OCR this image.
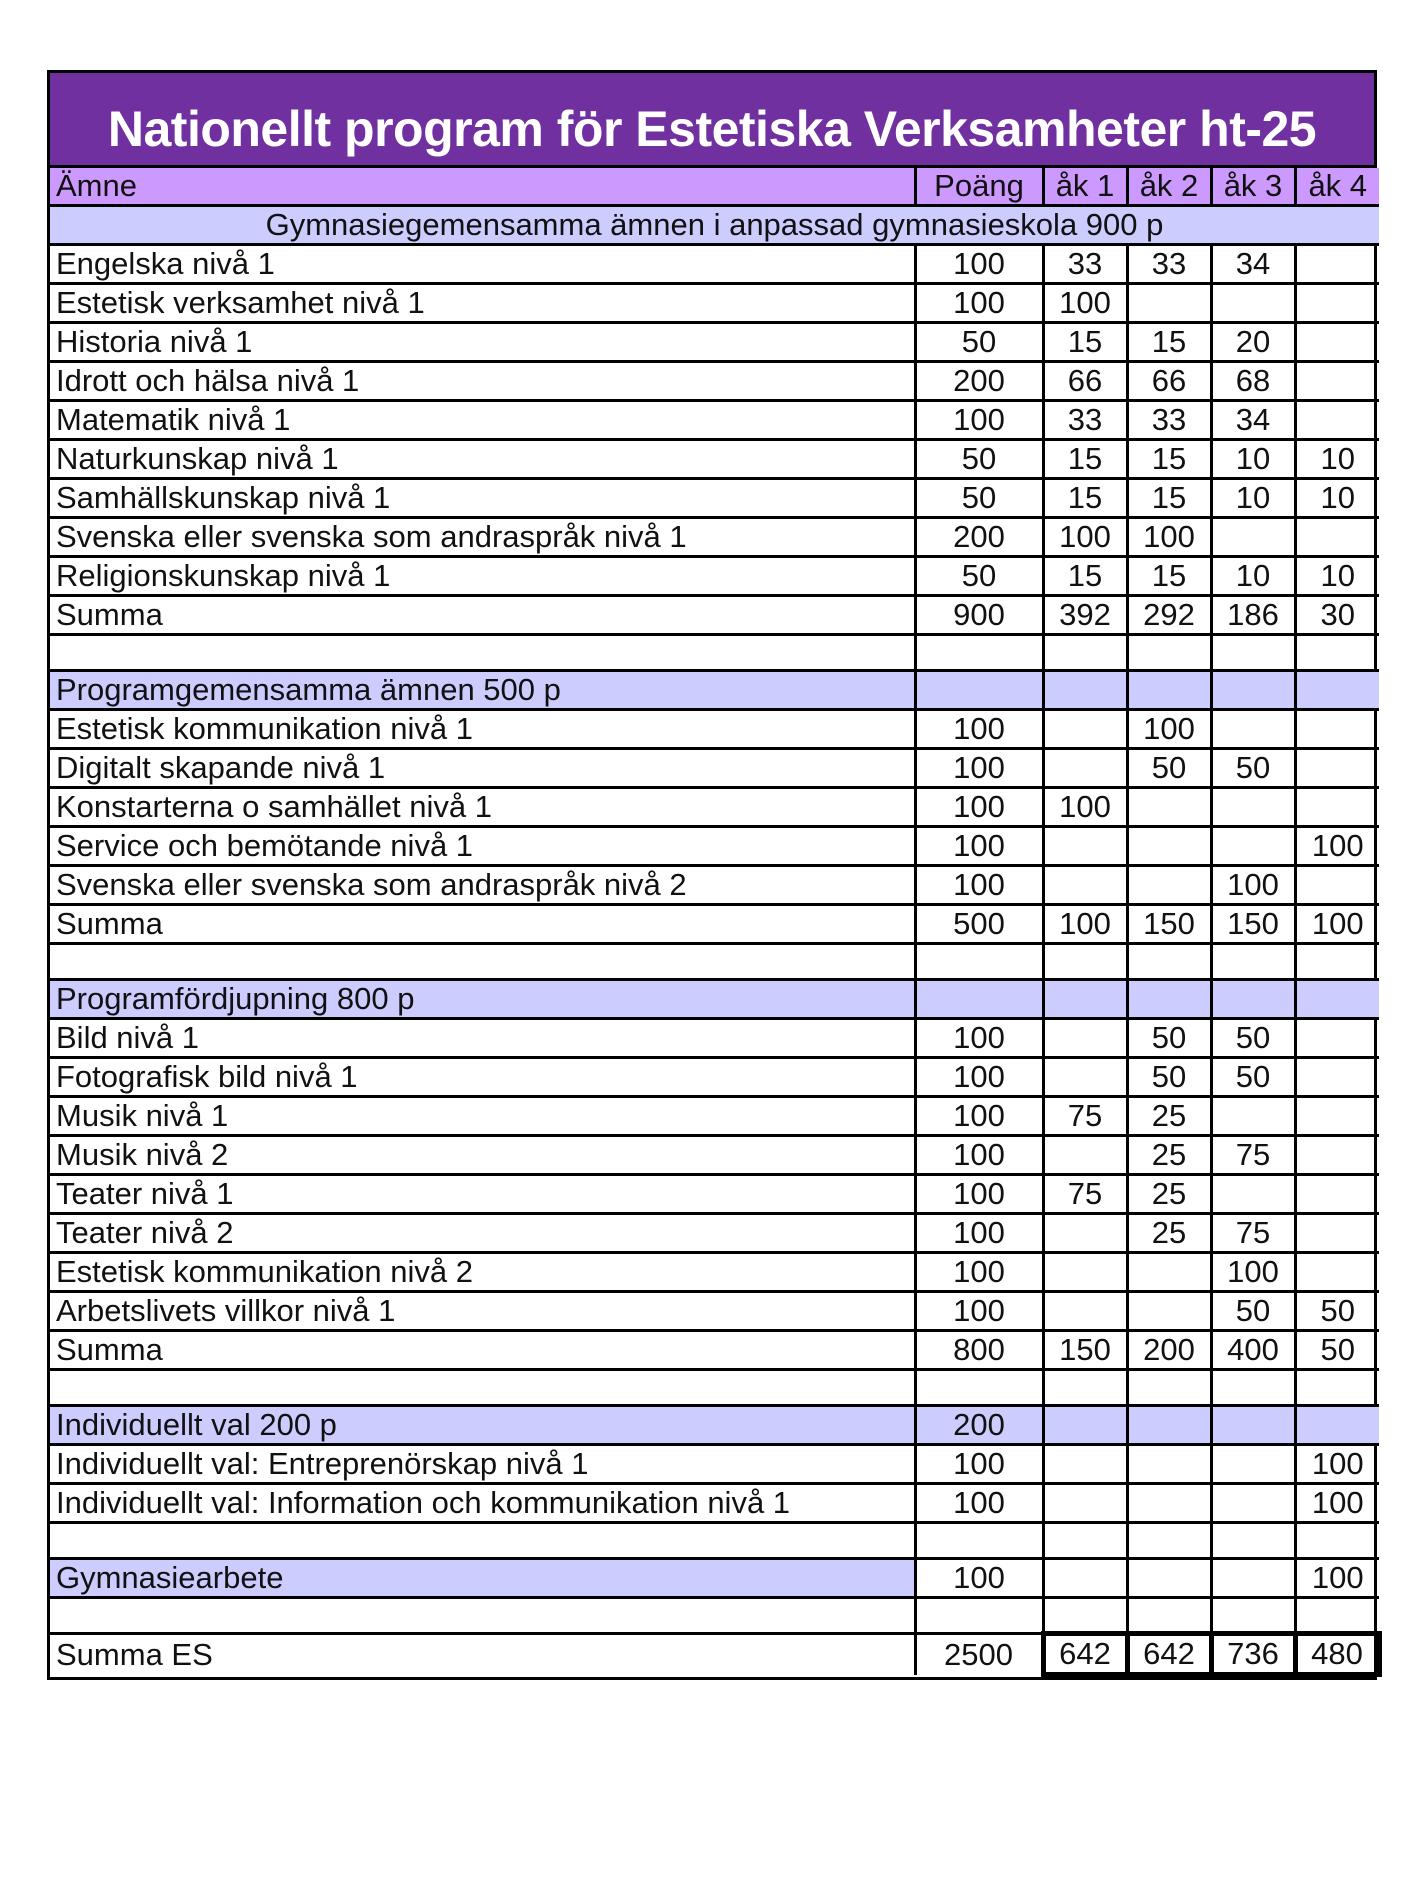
Nationellt program för Estetiska Verksamheter ht-25
Ämne	Poäng	åk 1	åk 2	åk 3	åk 4
Gymnasiegemensamma ämnen i anpassad gymnasieskola 900 p					
Engelska nivå 1	100	33	33	34	
Estetisk verksamhet nivå 1	100	100			
Historia nivå 1	50	15	15	20	
Idrott och hälsa nivå 1	200	66	66	68	
Matematik nivå 1	100	33	33	34	
Naturkunskap nivå 1	50	15	15	10	10
Samhällskunskap nivå 1	50	15	15	10	10
Svenska eller svenska som andraspråk nivå 1	200	100	100		
Religionskunskap nivå 1	50	15	15	10	10
Summa	900	392	292	186	30

Programgemensamma ämnen 500 p					
Estetisk kommunikation nivå 1	100		100		
Digitalt skapande nivå 1	100		50	50	
Konstarterna o samhället nivå 1	100	100			
Service och bemötande nivå 1	100				100
Svenska eller svenska som andraspråk nivå 2	100			100	
Summa	500	100	150	150	100

Programfördjupning 800 p					
Bild nivå 1	100		50	50	
Fotografisk bild nivå 1	100		50	50	
Musik nivå 1	100	75	25		
Musik nivå 2	100		25	75	
Teater nivå 1	100	75	25		
Teater nivå 2	100		25	75	
Estetisk kommunikation nivå 2	100			100	
Arbetslivets villkor nivå 1	100			50	50
Summa	800	150	200	400	50

Individuellt val 200 p	200				
Individuellt val: Entreprenörskap nivå 1	100				100
Individuellt val: Information och kommunikation nivå 1	100				100

Gymnasiearbete	100				100

Summa ES	2500	642	642	736	480
